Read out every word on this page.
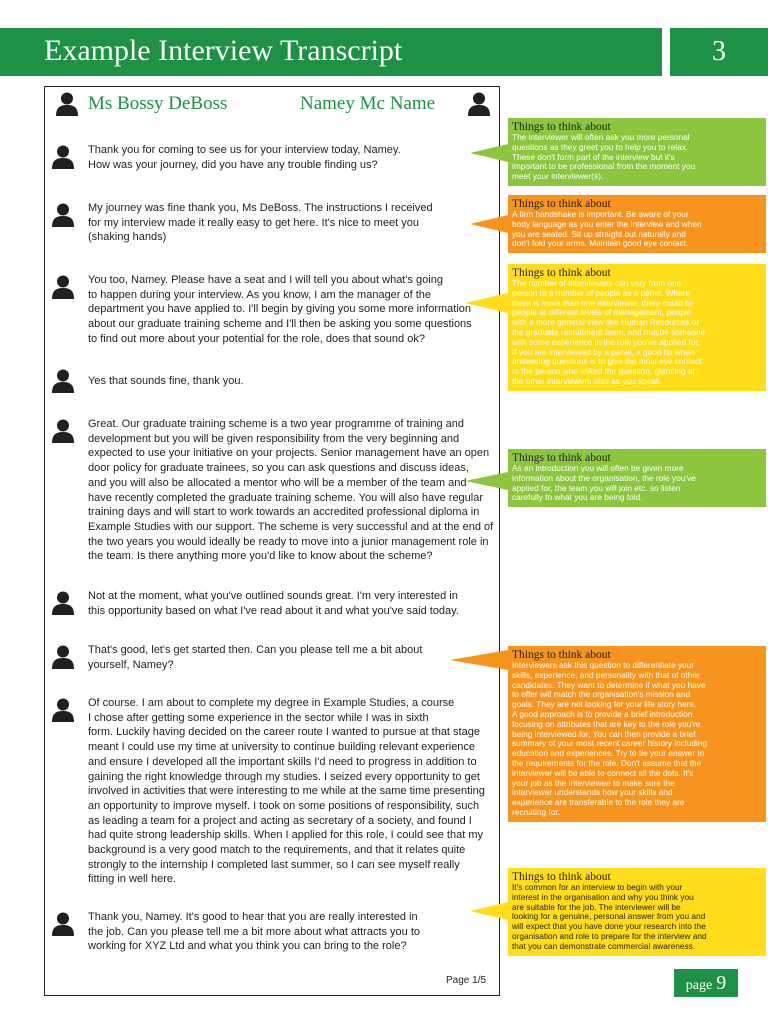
Example Interview Transcript	3
Ms Bossy DeBoss	Namey Mc Name
Thank you for coming to see us for your interview today, Namey.
How was your journey, did you have any trouble finding us?
My journey was fine thank you, Ms DeBoss. The instructions I received
for my interview made it really easy to get here. It's nice to meet you
(shaking hands)
You too, Namey. Please have a seat and I will tell you about what's going
to happen during your interview. As you know, I am the manager of the
department you have applied to. I'll begin by giving you some more information
about our graduate training scheme and I'll then be asking you some questions
to find out more about your potential for the role, does that sound ok?
Yes that sounds fine, thank you.
Great. Our graduate training scheme is a two year programme of training and
development but you will be given responsibility from the very beginning and
expected to use your initiative on your projects. Senior management have an open
door policy for graduate trainees, so you can ask questions and discuss ideas,
and you will also be allocated a mentor who will be a member of the team and
have recently completed the graduate training scheme. You will also have regular
training days and will start to work towards an accredited professional diploma in
Example Studies with our support. The scheme is very successful and at the end of
the two years you would ideally be ready to move into a junior management role in
the team. Is there anything more you'd like to know about the scheme?
Not at the moment, what you've outlined sounds great. I'm very interested in
this opportunity based on what I've read about it and what you've said today.
That's good, let's get started then. Can you please tell me a bit about
yourself, Namey?
Of course. I am about to complete my degree in Example Studies, a course
I chose after getting some experience in the sector while I was in sixth
form. Luckily having decided on the career route I wanted to pursue at that stage
meant I could use my time at university to continue building relevant experience
and ensure I developed all the important skills I'd need to progress in addition to
gaining the right knowledge through my studies. I seized every opportunity to get
involved in activities that were interesting to me while at the same time presenting
an opportunity to improve myself. I took on some positions of responsibility, such
as leading a team for a project and acting as secretary of a society, and found I
had quite strong leadership skills. When I applied for this role, I could see that my
background is a very good match to the requirements, and that it relates quite
strongly to the internship I completed last summer, so I can see myself really
fitting in well here.
Thank you, Namey. It's good to hear that you are really interested in
the job. Can you please tell me a bit more about what attracts you to
working for XYZ Ltd and what you think you can bring to the role?
Page 1/5
Things to think about
The interviewer will often ask you more personal
questions as they greet you to help you to relax.
These don't form part of the interview but it's
important to be professional from the moment you
meet your interviewer(s).
Things to think about
A firm handshake is important. Be aware of your
body language as you enter the interview and when
you are seated. Sit up straight but naturally and
don't fold your arms. Maintain good eye contact.
Things to think about
The number of interviewers can vary from one
person to a number of people as a panel. Where
there is more than one interviewer, there could be
people at different levels of management, people
with a more general view like Human Resources or
the graduate recruitment team, and maybe someone
with some experience in the role you've applied for.
If you are interviewed by a panel, a good tip when
answering questions is to give the most eye contact
to the person who asked the question, glancing at
the other interviewers also as you speak.
Things to think about
As an introduction you will often be given more
information about the organisation, the role you've
applied for, the team you will join etc. so listen
carefully to what you are being told.
Things to think about
Interviewers ask this question to differentiate your
skills, experience, and personality with that of other
candidates. They want to determine if what you have
to offer will match the organisation's mission and
goals. They are not looking for your life story here.
A good approach is to provide a brief introduction
focusing on attributes that are key to the role you're
being interviewed for. You can then provide a brief
summary of your most recent career history including
education and experiences. Try to tie your answer to
the requirements for the role. Don't assume that the
interviewer will be able to connect all the dots. It's
your job as the interviewee to make sure the
interviewer understands how your skills and
experience are transferable to the role they are
recruiting for.
Things to think about
It's common for an interview to begin with your
interest in the organisation and why you think you
are suitable for the job. The interviewer will be
looking for a genuine, personal answer from you and
will expect that you have done your research into the
organisation and role to prepare for the interview and
that you can demonstrate commercial awareness.
page 9
